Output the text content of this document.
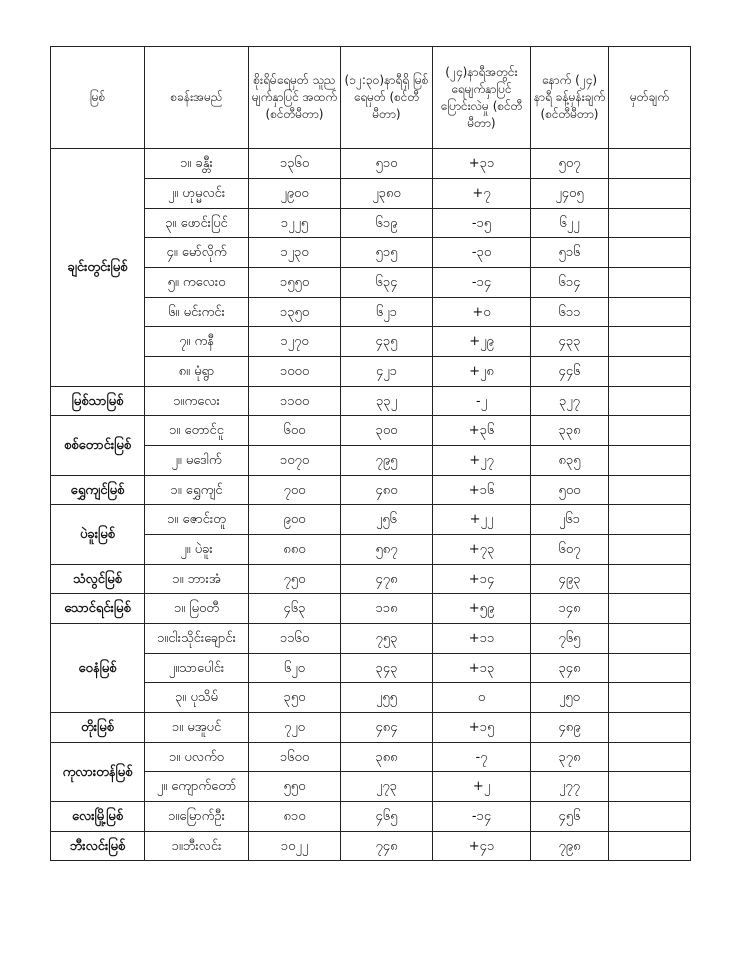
မြစ်	စခန်းအမည်	စိုးရိမ်ရေမှတ် သူညမျက်နှာပြင် အထက် (စင်တီမီတာ)	(၁၂:၃၀)နာရီရှိ မြစ်ရေမှတ် (စင်တီမီတာ)	(၂၄)နာရီအတွင်း ရေမျက်နှာပြင် ပြောင်းလဲမှု (စင်တီမီတာ)	နောက် (၂၄) နာရီ ခန့်မှန်းချက် (စင်တီမီတာ)	မှတ်ချက်
ချင်းတွင်းမြစ်	၁။ ခန္တီး	၁၃၆၀	၅၁၀	+၃၁	၅၀၇	
	၂။ ဟုမ္မလင်း	၂၉၀၀	၂၃၈၀	+၇	၂၄၀၅	
	၃။ ဖောင်းပြင်	၁၂၂၅	၆၁၉	-၁၅	၆၂၂	
	၄။ မော်လိုက်	၁၂၃၀	၅၁၅	-၃၀	၅၁၆	
	၅။ ကလေးဝ	၁၅၅၀	၆၃၄	-၁၄	၆၁၄	
	၆။ မင်းကင်း	၁၃၅၀	၆၂၁	+၀	၆၁၁	
	၇။ ကနီ	၁၂၇၀	၄၃၅	+၂၉	၄၃၃	
	၈။ မုံရွာ	၁၀၀၀	၄၂၁	+၂၈	၄၄၆	
မြစ်သာမြစ်	၁။ကလေး	၁၁၀၀	၃၃၂	-၂	၃၂၇	
စစ်တောင်းမြစ်	၁။ တောင်ငူ	၆၀၀	၃၀၀	+၃၆	၃၃၈	
	၂။ မဒေါက်	၁၀၇၀	၇၉၅	+၂၇	၈၃၅	
ရွှေကျင်မြစ်	၁။ ရွှေကျင်	၇၀၀	၄၈၀	+၁၆	၅၀၀	
ပဲခူးမြစ်	၁။ ဇောင်းတူ	၉၀၀	၂၅၆	+၂၂	၂၆၁	
	၂။ ပဲခူး	၈၈၀	၅၈၇	+၇၃	၆၀၇	
သံလွင်မြစ်	၁။ ဘားအံ	၇၅၀	၄၇၈	+၁၄	၄၉၃	
သောင်ရင်းမြစ်	၁။ မြဝတီ	၄၆၃	၁၁၈	+၅၉	၁၄၈	
ဝေနံမြစ်	၁။ငါးသိုင်းချောင်း	၁၁၆၀	၇၅၃	+၁၁	၇၆၅	
	၂။သာပေါင်း	၆၂၀	၃၄၃	+၁၃	၃၄၈	
	၃။ ပုသိမ်	၃၅၀	၂၅၅	၀	၂၅၀	
တိုးမြစ်	၁။ မအူပင်	၇၂၀	၄၈၄	+၁၅	၄၈၉	
ကုလားတန်မြစ်	၁။ ပလက်ဝ	၁၆၀၀	၃၈၈	-၇	၃၇၈	
	၂။ ကျောက်တော်	၅၅၀	၂၇၃	+၂	၂၇၇	
လေးမြို့မြစ်	၁။မြောက်ဦး	၈၁၀	၄၆၅	-၁၄	၄၅၆	
ဘီးလင်းမြစ်	၁။ဘီးလင်း	၁၀၂၂	၇၄၈	+၄၁	၇၉၈	
